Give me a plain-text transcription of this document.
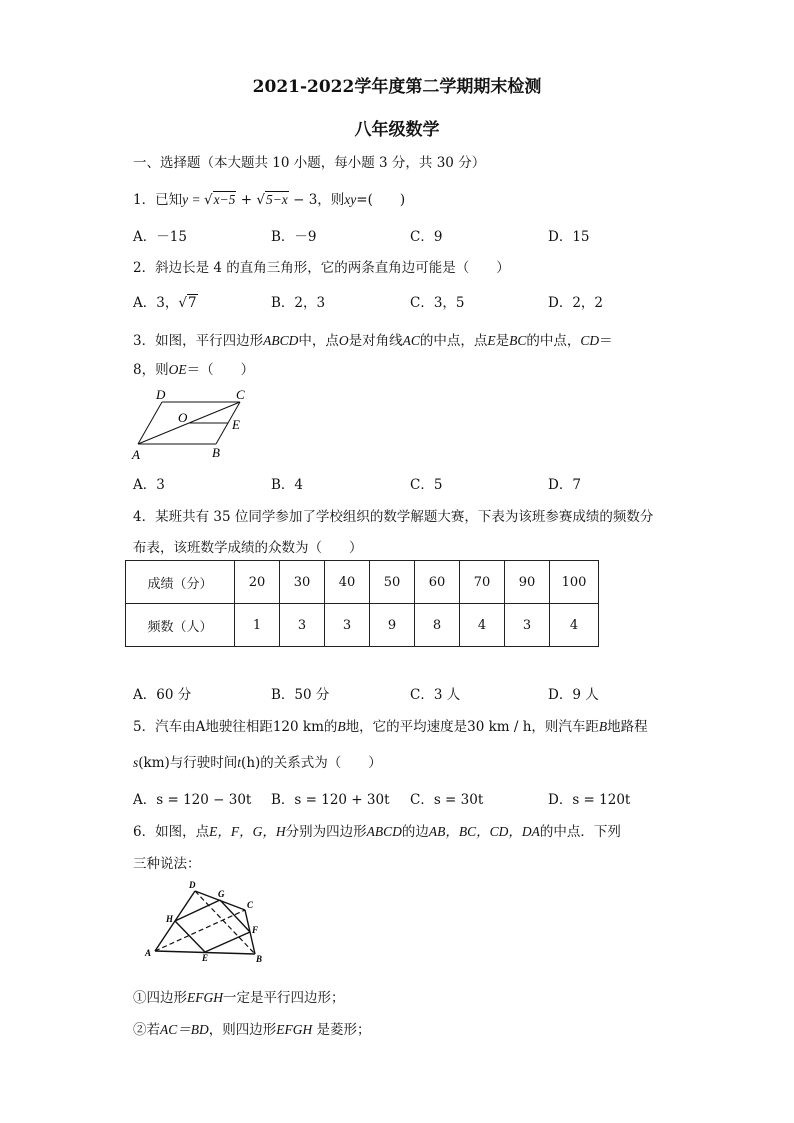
2021-2022学年度第二学期期末检测
八年级数学
一、选择题（本大题共 10 小题，每小题 3 分，共 30 分）
1．已知y = √x−5 + √5−x − 3，则xy=(　　)
A．－15	B．－9	C．9	D．15
2．斜边长是 4 的直角三角形，它的两条直角边可能是（　　）
A．3，√7	B．2，3	C．3，5	D．2，2
3．如图，平行四边形ABCD中，点O是对角线AC的中点，点E是BC的中点，CD＝
8，则OE＝（　　）
D	C
O	E
A	B
A．3	B．4	C．5	D．7
4．某班共有 35 位同学参加了学校组织的数学解题大赛，下表为该班参赛成绩的频数分
布表，该班数学成绩的众数为（　　）
成绩（分）	20	30	40	50	60	70	90	100
频数（人）	1	3	3	9	8	4	3	4
A．60 分	B．50 分	C．3 人	D．9 人
5．汽车由A地驶往相距120 km的B地，它的平均速度是30 km / h，则汽车距B地路程
s(km)与行驶时间t(h)的关系式为（　　）
A．s = 120 − 30t B．s = 120 + 30t C．s = 30t	D．s = 120t
6．如图，点E，F，G，H分别为四边形ABCD的边AB，BC，CD，DA的中点．下列
三种说法：
D
G
C
H
F
A	E	B
①四边形EFGH一定是平行四边形；
②若AC＝BD，则四边形EFGH 是菱形；
